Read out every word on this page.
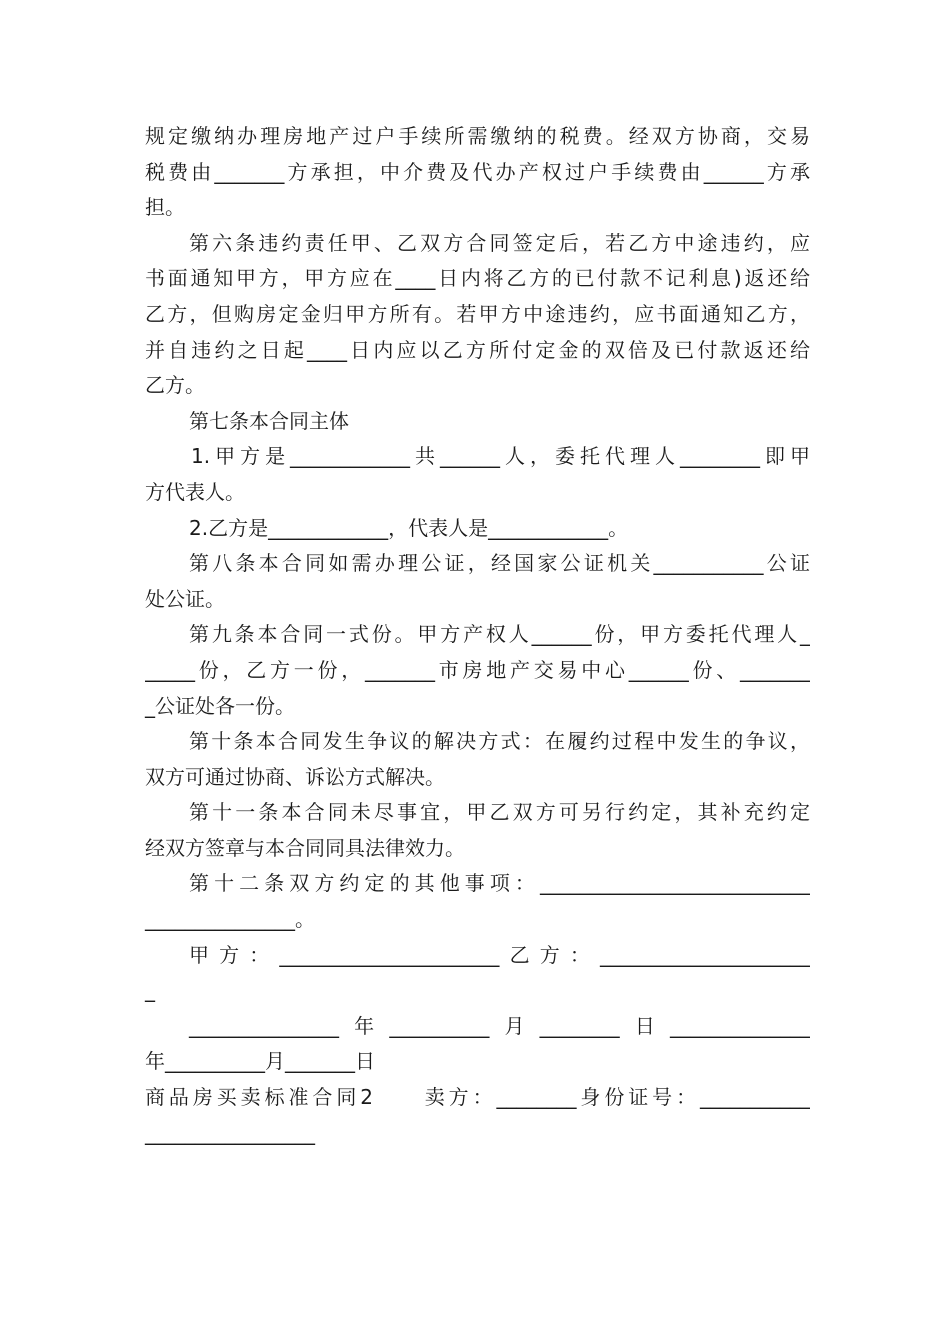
规定缴纳办理房地产过户手续所需缴纳的税费。经双方协商，交易
税费由_______方承担，中介费及代办产权过户手续费由______方承
担。
第六条违约责任甲、乙双方合同签定后，若乙方中途违约，应
书面通知甲方，甲方应在____日内将乙方的已付款不记利息)返还给
乙方，但购房定金归甲方所有。若甲方中途违约，应书面通知乙方，
并自违约之日起____日内应以乙方所付定金的双倍及已付款返还给
乙方。
第七条本合同主体
1.甲方是____________共______人，委托代理人________即甲
方代表人。
2.乙方是____________，代表人是____________。
第八条本合同如需办理公证，经国家公证机关___________公证
处公证。
第九条本合同一式份。甲方产权人______份，甲方委托代理人_
_____份，乙方一份，_______市房地产交易中心______份、_______
_公证处各一份。
第十条本合同发生争议的解决方式：在履约过程中发生的争议，
双方可通过协商、诉讼方式解决。
第十一条本合同未尽事宜，甲乙双方可另行约定，其补充约定
经双方签章与本合同同具法律效力。
第十二条双方约定的其他事项：___________________________
_______________。
甲方：______________________乙方：_____________________
_
_______________年__________月________日______________
年__________月_______日
商品房买卖标准合同2　　卖方：________身份证号：___________
_________________
